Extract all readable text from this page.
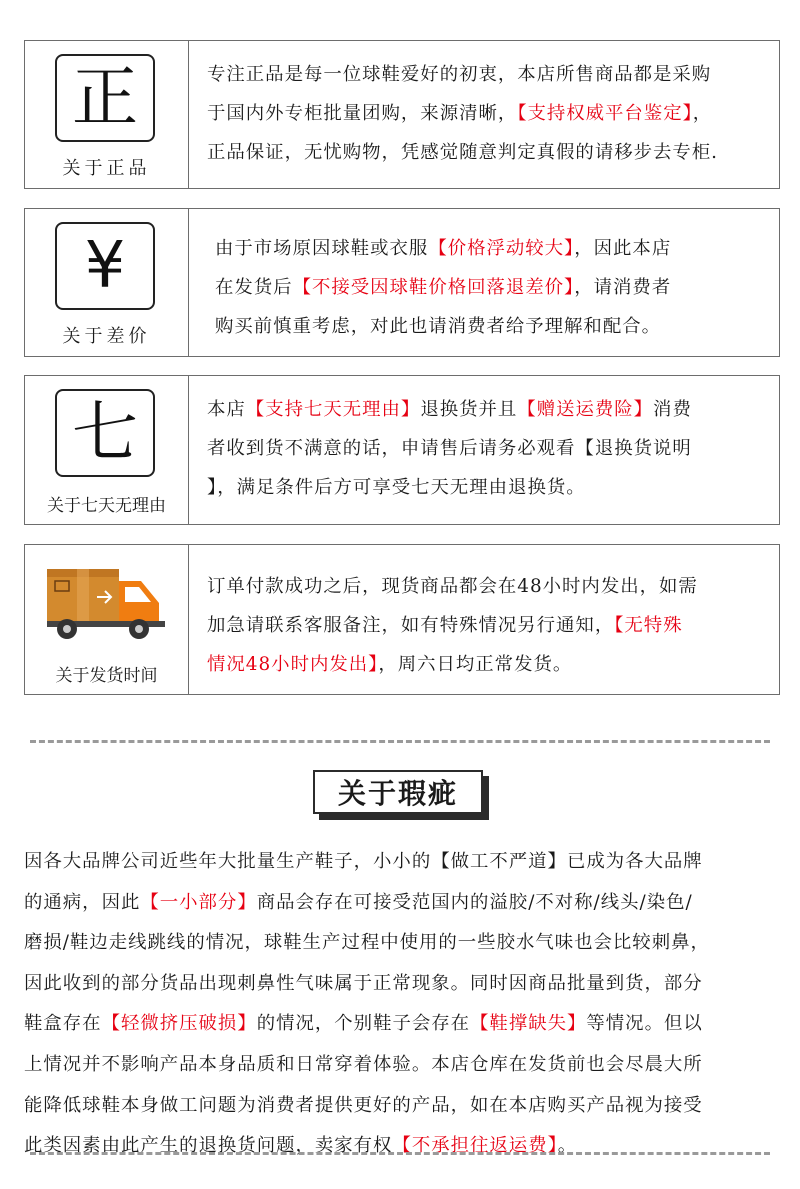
正
关于正品
专注正品是每一位球鞋爱好的初衷，本店所售商品都是采购
于国内外专柜批量团购，来源清晰，【支持权威平台鉴定】，
正品保证，无忧购物，凭感觉随意判定真假的请移步去专柜.
¥
关于差价
由于市场原因球鞋或衣服【价格浮动较大】，因此本店
在发货后【不接受因球鞋价格回落退差价】，请消费者
购买前慎重考虑，对此也请消费者给予理解和配合。
七
关于七天无理由
本店【支持七天无理由】退换货并且【赠送运费险】消费
者收到货不满意的话，申请售后请务必观看【退换货说明
】，满足条件后方可享受七天无理由退换货。
关于发货时间
订单付款成功之后，现货商品都会在48小时内发出，如需
加急请联系客服备注，如有特殊情况另行通知，【无特殊
情况48小时内发出】，周六日均正常发货。
关于瑕疵
因各大品牌公司近些年大批量生产鞋子，小小的【做工不严道】已成为各大品牌
的通病，因此【一小部分】商品会存在可接受范国内的溢胶/不对称/线头/染色/
磨损/鞋边走线跳线的情况，球鞋生产过程中使用的一些胶水气味也会比较刺鼻，
因此收到的部分货品出现刺鼻性气味属于正常现象。同时因商品批量到货，部分
鞋盒存在【轻微挤压破损】的情况，个别鞋子会存在【鞋撑缺失】等情况。但以
上情况并不影响产品本身品质和日常穿着体验。本店仓库在发货前也会尽晨大所
能降低球鞋本身做工问题为消费者提供更好的产品，如在本店购买产品视为接受
此类因素由此产生的退换货问题，卖家有权【不承担往返运费】。
